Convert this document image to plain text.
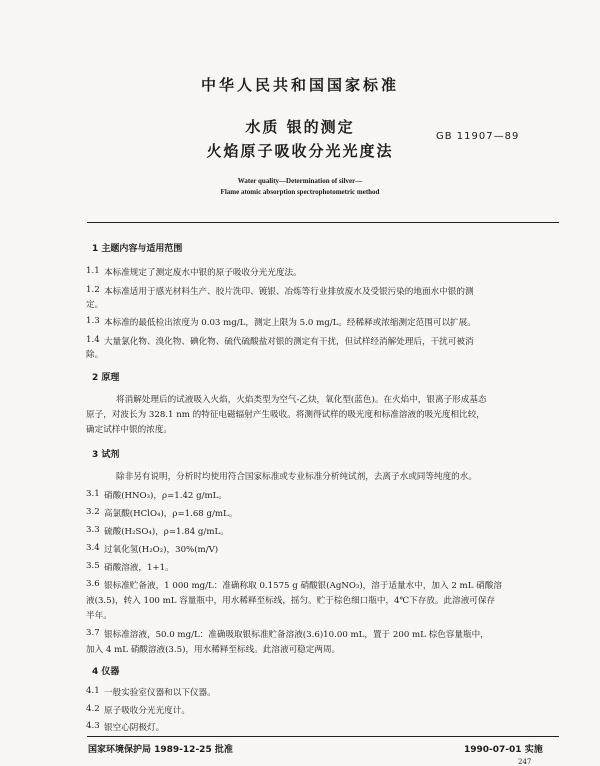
中华人民共和国国家标准
水质 银的测定
火焰原子吸收分光光度法
GB 11907—89
Water quality—Determination of silver—
Flame atomic absorption spectrophotometric method
1 主题内容与适用范围
1.1 本标准规定了测定废水中银的原子吸收分光光度法。
1.2 本标准适用于感光材料生产、胶片洗印、镀银、冶炼等行业排放废水及受银污染的地面水中银的测
定。
1.3 本标准的最低检出浓度为 0.03 mg/L，测定上限为 5.0 mg/L。经稀释或浓缩测定范围可以扩展。
1.4 大量氯化物、溴化物、碘化物、硫代硫酸盐对银的测定有干扰，但试样经消解处理后，干扰可被消
除。
2 原理
将消解处理后的试液吸入火焰，火焰类型为空气-乙炔，氧化型(蓝色)。在火焰中，银离子形成基态
原子，对波长为 328.1 nm 的特征电磁辐射产生吸收。将测得试样的吸光度和标准溶液的吸光度相比较，
确定试样中银的浓度。
3 试剂
除非另有说明，分析时均使用符合国家标准或专业标准分析纯试剂，去离子水或同等纯度的水。
3.1 硝酸(HNO₃)，ρ=1.42 g/mL。
3.2 高氯酸(HClO₄)，ρ=1.68 g/mL。
3.3 硫酸(H₂SO₄)，ρ=1.84 g/mL。
3.4 过氧化氢(H₂O₂)，30%(m/V)
3.5 硝酸溶液，1+1。
3.6 银标准贮备液，1 000 mg/L：准确称取 0.1575 g 硝酸银(AgNO₃)，溶于适量水中，加入 2 mL 硝酸溶
液(3.5)，转入 100 mL 容量瓶中，用水稀释至标线，摇匀。贮于棕色细口瓶中，4℃下存放。此溶液可保存
半年。
3.7 银标准溶液，50.0 mg/L：准确吸取银标准贮备溶液(3.6)10.00 mL，置于 200 mL 棕色容量瓶中，
加入 4 mL 硝酸溶液(3.5)，用水稀释至标线。此溶液可稳定两周。
4 仪器
4.1 一般实验室仪器和以下仪器。
4.2 原子吸收分光光度计。
4.3 银空心阴极灯。
国家环境保护局 1989-12-25 批准	1990-07-01 实施
247
